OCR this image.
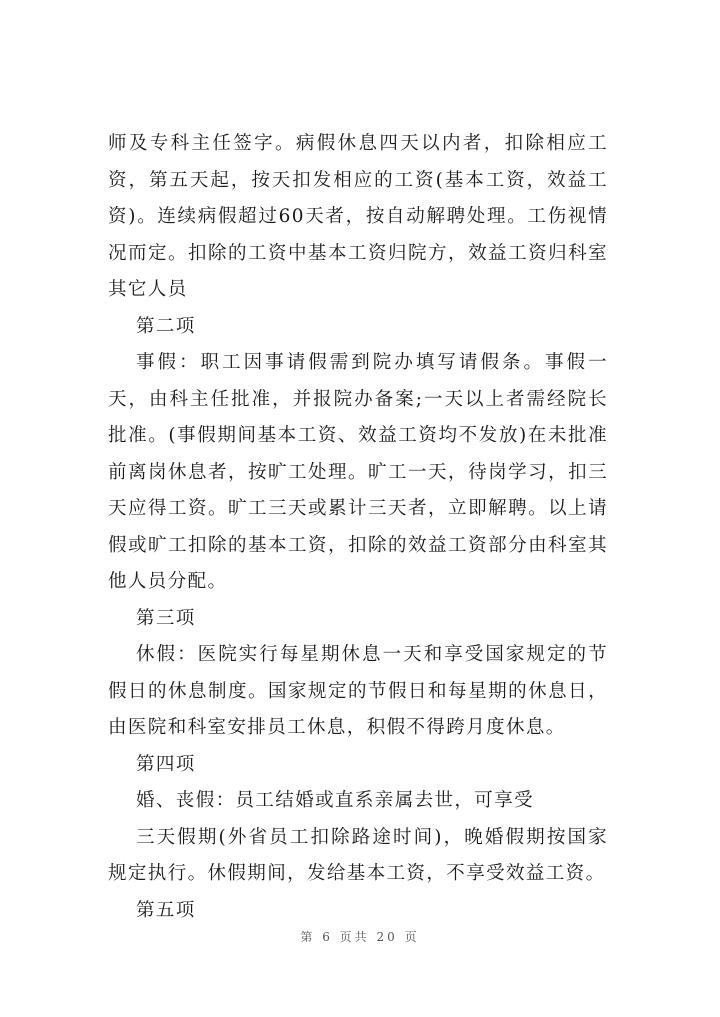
师及专科主任签字。病假休息四天以内者，扣除相应工资，第五天起，按天扣发相应的工资(基本工资，效益工资)。连续病假超过60天者，按自动解聘处理。工伤视情况而定。扣除的工资中基本工资归院方，效益工资归科室其它人员

第二项

事假：职工因事请假需到院办填写请假条。事假一天，由科主任批准，并报院办备案;一天以上者需经院长批准。(事假期间基本工资、效益工资均不发放)在未批准前离岗休息者，按旷工处理。旷工一天，待岗学习，扣三天应得工资。旷工三天或累计三天者，立即解聘。以上请假或旷工扣除的基本工资，扣除的效益工资部分由科室其他人员分配。

第三项

休假：医院实行每星期休息一天和享受国家规定的节假日的休息制度。国家规定的节假日和每星期的休息日，由医院和科室安排员工休息，积假不得跨月度休息。

第四项

婚、丧假：员工结婚或直系亲属去世，可享受

三天假期(外省员工扣除路途时间)，晚婚假期按国家规定执行。休假期间，发给基本工资，不享受效益工资。

第五项

第 6 页共 20 页
